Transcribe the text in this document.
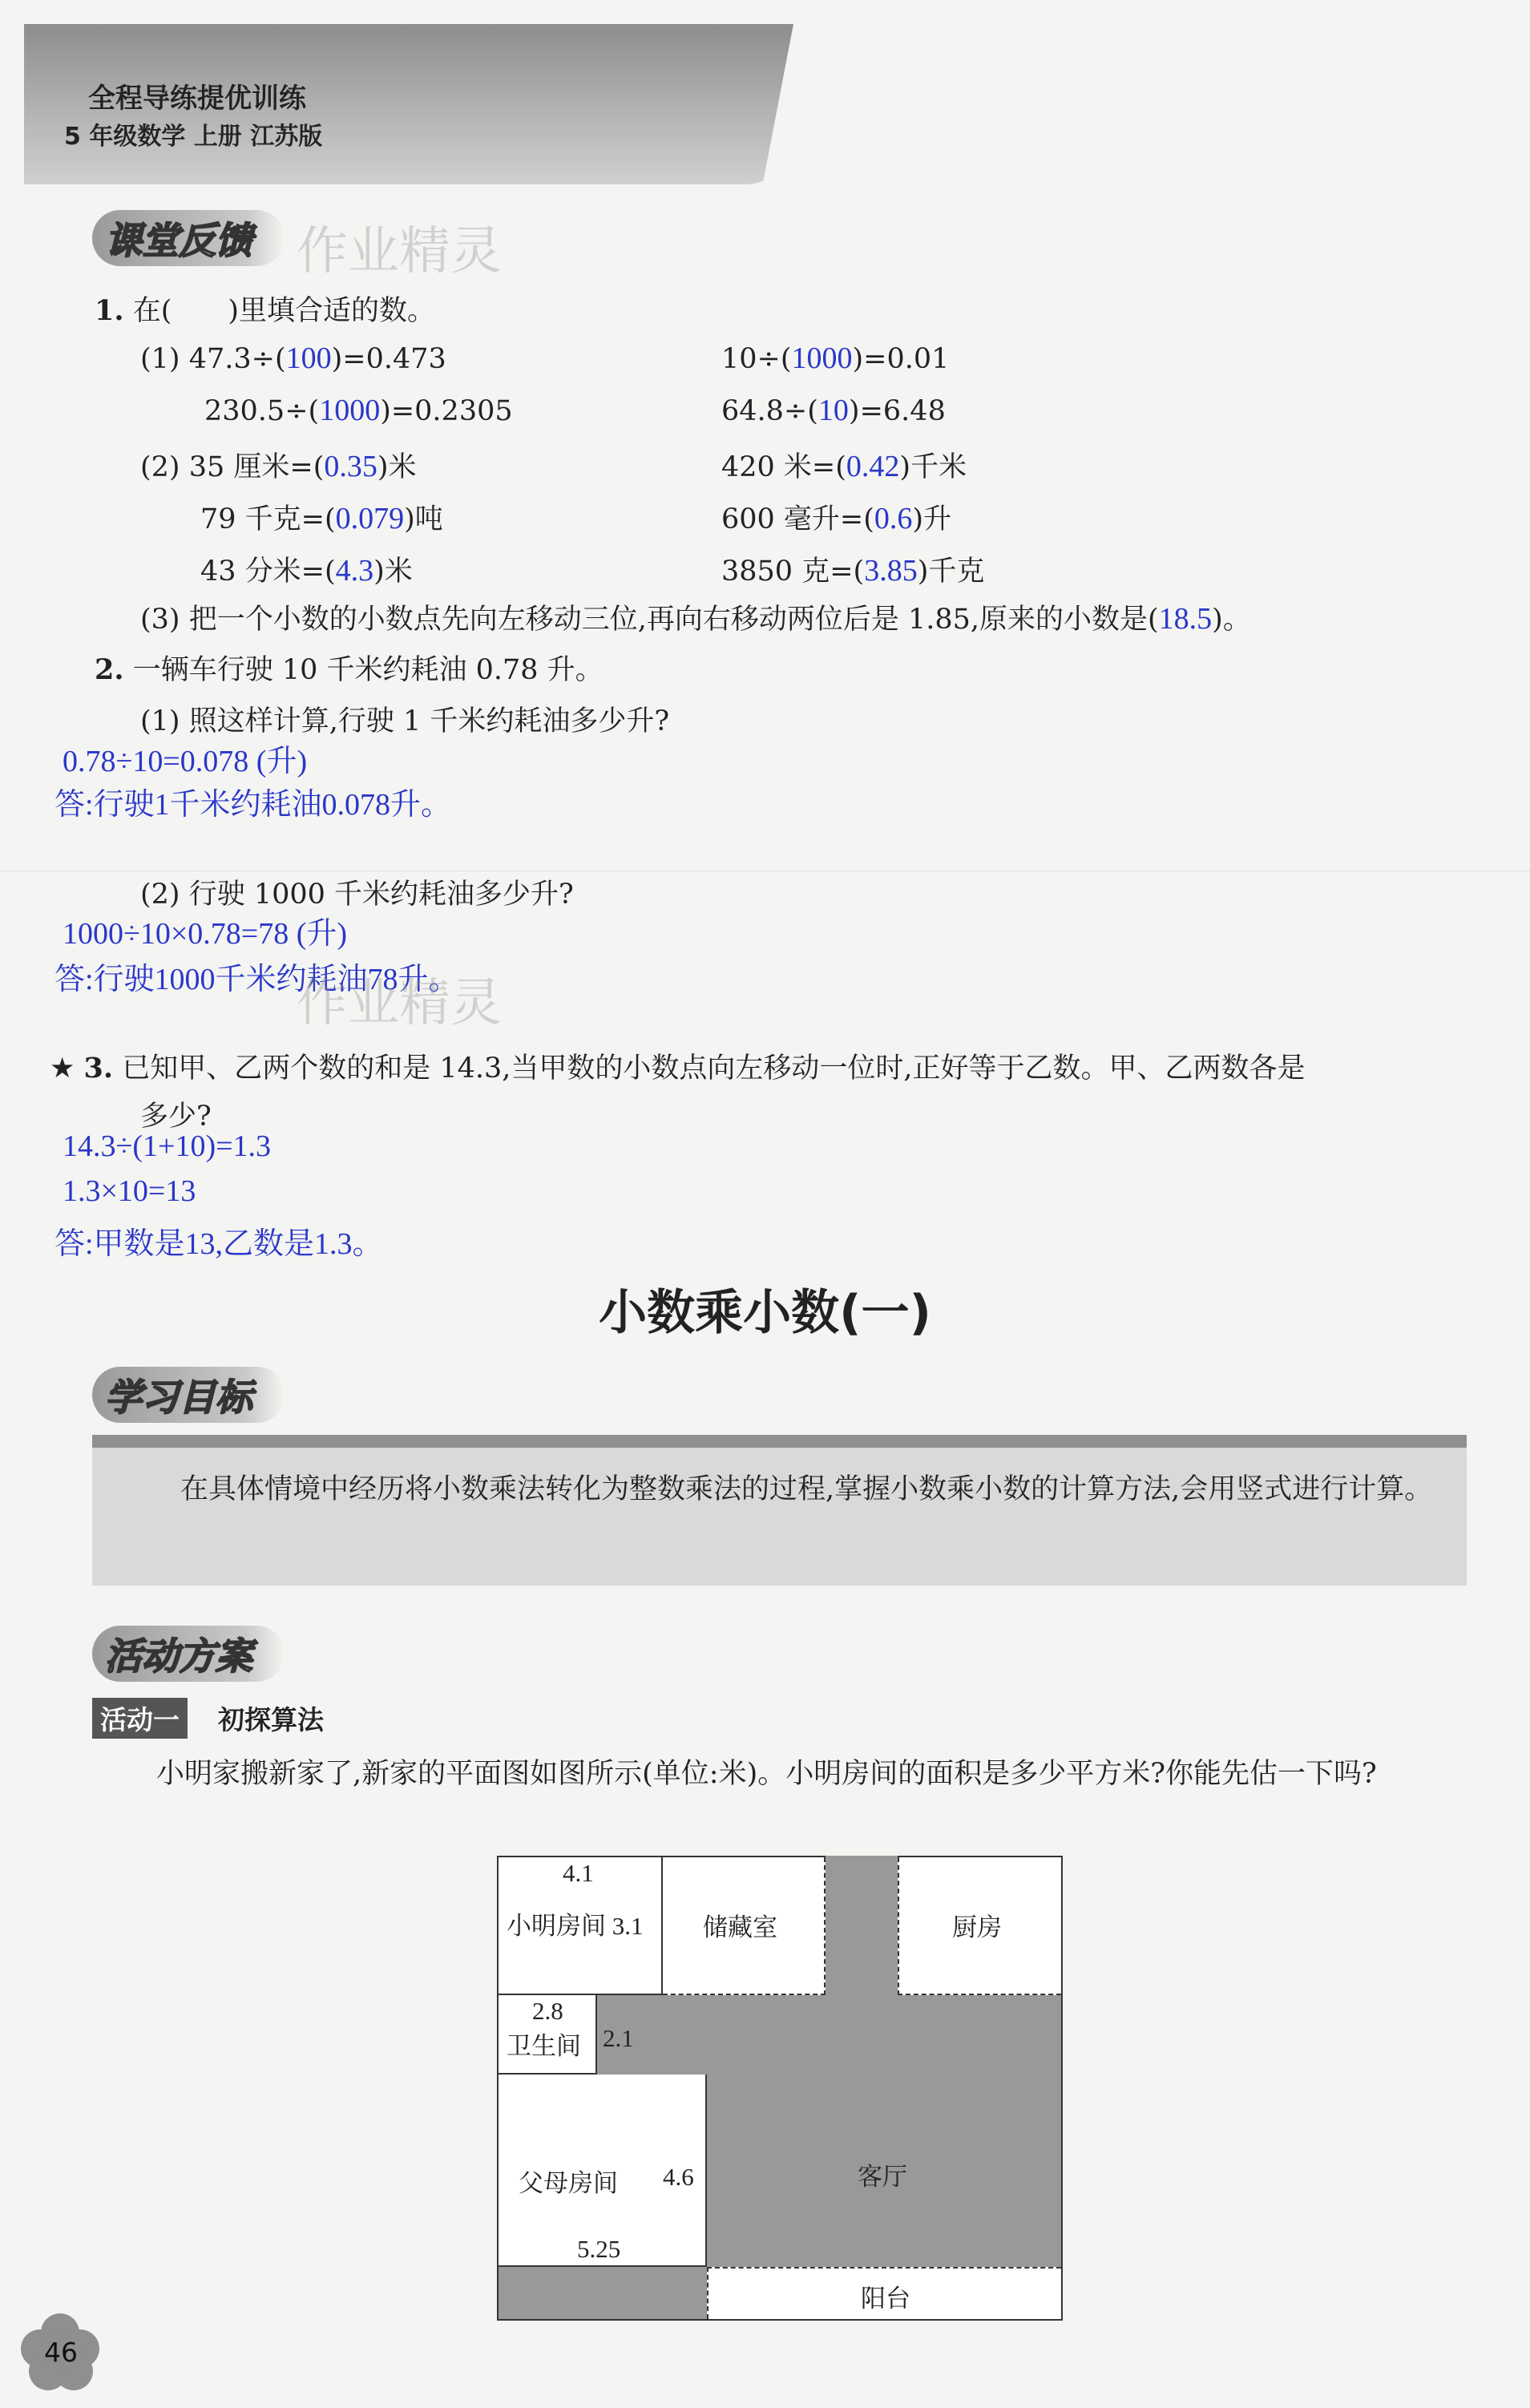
全程导练提优训练
5 年级数学 上册 江苏版
课堂反馈 作业精灵
1. 在(　　)里填合适的数。
(1) 47.3÷(100)=0.473	10÷(1000)=0.01
230.5÷(1000)=0.2305	64.8÷(10)=6.48
(2) 35 厘米=(0.35)米	420 米=(0.42)千米
79 千克=(0.079)吨	600 毫升=(0.6)升
43 分米=(4.3)米	3850 克=(3.85)千克
(3) 把一个小数的小数点先向左移动三位,再向右移动两位后是 1.85,原来的小数是(18.5)。
2. 一辆车行驶 10 千米约耗油 0.78 升。
(1) 照这样计算,行驶 1 千米约耗油多少升?
0.78÷10=0.078 (升)
答:行驶1千米约耗油0.078升。
(2) 行驶 1000 千米约耗油多少升?
1000÷10×0.78=78 (升)
答:行驶1000千米约耗油78升。
作业精灵
★ 3. 已知甲、乙两个数的和是 14.3,当甲数的小数点向左移动一位时,正好等于乙数。甲、乙两数各是
多少?
14.3÷(1+10)=1.3
1.3×10=13
答:甲数是13,乙数是1.3。
小数乘小数(一)
学习目标
在具体情境中经历将小数乘法转化为整数乘法的过程,掌握小数乘小数的计算方法,会用竖式进行计算。
活动方案
活动一	初探算法
小明家搬新家了,新家的平面图如图所示(单位:米)。小明房间的面积是多少平方米?你能先估一下吗?
4.1
小明房间 3.1 储藏室	厨房
2.8
卫生间 2.1
父母房间 4.6
5.25
客厅
阳台
46
